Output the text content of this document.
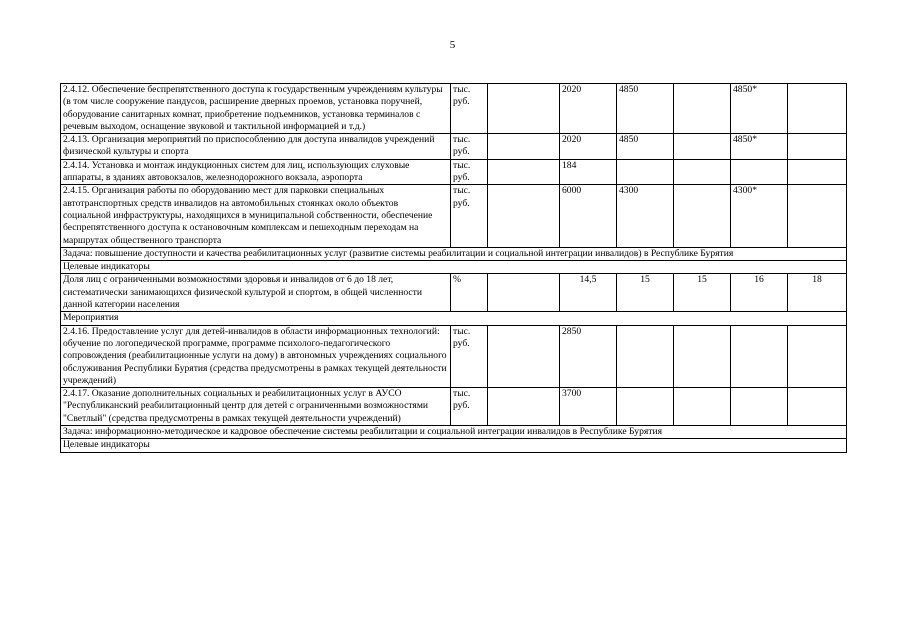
5
2.4.12. Обеспечение беспрепятственного доступа к государственным учреждениям культуры (в том числе сооружение пандусов, расширение дверных проемов, установка поручней, оборудование санитарных комнат, приобретение подъемников, установка терминалов с речевым выходом, оснащение звуковой и тактильной информацией и т.д.)	тыс. руб.		2020	4850		4850*	
2.4.13. Организация мероприятий по приспособлению для доступа инвалидов учреждений физической культуры и спорта	тыс. руб.		2020	4850		4850*	
2.4.14. Установка и монтаж индукционных систем для лиц, использующих слуховые аппараты, в зданиях автовокзалов, железнодорожного вокзала, аэропорта	тыс. руб.		184				
2.4.15. Организация работы по оборудованию мест для парковки специальных автотранспортных средств инвалидов на автомобильных стоянках около объектов социальной инфраструктуры, находящихся в муниципальной собственности, обеспечение беспрепятственного доступа к остановочным комплексам и пешеходным переходам на маршрутах общественного транспорта	тыс. руб.		6000	4300		4300*	
Задача: повышение доступности и качества реабилитационных услуг (развитие системы реабилитации и социальной интеграции инвалидов) в Республике Бурятия							
Целевые индикаторы							
Доля лиц с ограниченными возможностями здоровья и инвалидов от 6 до 18 лет, систематически занимающихся физической культурой и спортом, в общей численности данной категории населения	%		14,5	15	15	16	18
Мероприятия							
2.4.16. Предоставление услуг для детей-инвалидов в области информационных технологий: обучение по логопедической программе, программе психолого-педагогического сопровождения (реабилитационные услуги на дому) в автономных учреждениях социального обслуживания Республики Бурятия (средства предусмотрены в рамках текущей деятельности учреждений)	тыс. руб.		2850				
2.4.17. Оказание дополнительных социальных и реабилитационных услуг в АУСО "Республиканский реабилитационный центр для детей с ограниченными возможностями "Светлый" (средства предусмотрены в рамках текущей деятельности учреждений)	тыс. руб.		3700				
Задача: информационно-методическое и кадровое обеспечение системы реабилитации и социальной интеграции инвалидов в Республике Бурятия							
Целевые индикаторы							
